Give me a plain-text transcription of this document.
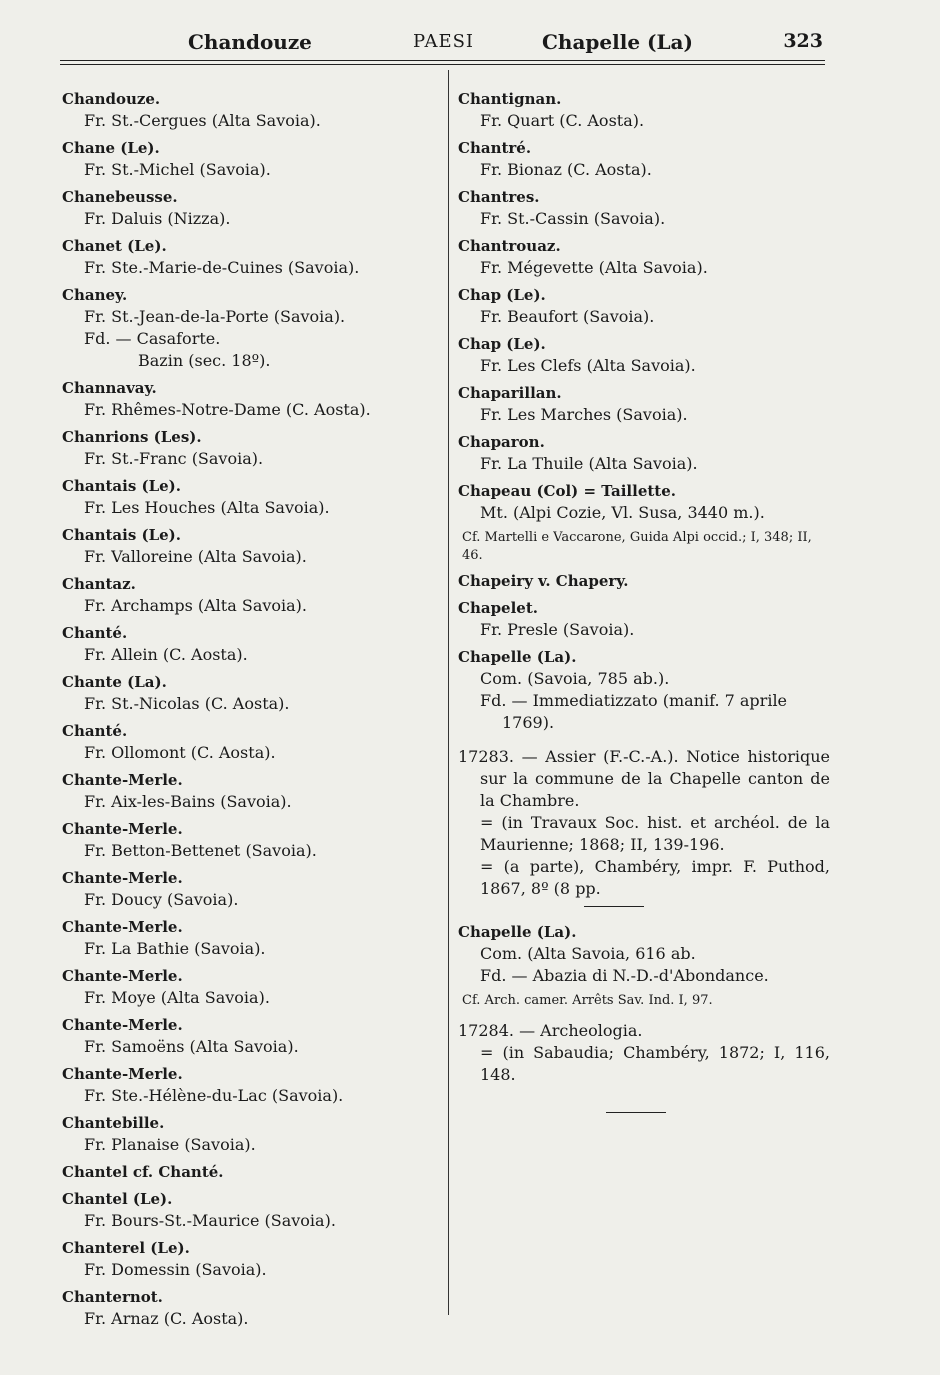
Chandouze	PAESI	Chapelle (La)	323
Chandouze.
Fr. St.-Cergues (Alta Savoia).
Chane (Le).
Fr. St.-Michel (Savoia).
Chanebeusse.
Fr. Daluis (Nizza).
Chanet (Le).
Fr. Ste.-Marie-de-Cuines (Savoia).
Chaney.
Fr. St.-Jean-de-la-Porte (Savoia).
Fd. — Casaforte.
Bazin (sec. 18º).
Channavay.
Fr. Rhêmes-Notre-Dame (C. Aosta).
Chanrions (Les).
Fr. St.-Franc (Savoia).
Chantais (Le).
Fr. Les Houches (Alta Savoia).
Chantais (Le).
Fr. Valloreine (Alta Savoia).
Chantaz.
Fr. Archamps (Alta Savoia).
Chanté.
Fr. Allein (C. Aosta).
Chante (La).
Fr. St.-Nicolas (C. Aosta).
Chanté.
Fr. Ollomont (C. Aosta).
Chante-Merle.
Fr. Aix-les-Bains (Savoia).
Chante-Merle.
Fr. Betton-Bettenet (Savoia).
Chante-Merle.
Fr. Doucy (Savoia).
Chante-Merle.
Fr. La Bathie (Savoia).
Chante-Merle.
Fr. Moye (Alta Savoia).
Chante-Merle.
Fr. Samoëns (Alta Savoia).
Chante-Merle.
Fr. Ste.-Hélène-du-Lac (Savoia).
Chantebille.
Fr. Planaise (Savoia).
Chantel cf. Chanté.
Chantel (Le).
Fr. Bours-St.-Maurice (Savoia).
Chanterel (Le).
Fr. Domessin (Savoia).
Chanternot.
Fr. Arnaz (C. Aosta).
Chantignan.
Fr. Quart (C. Aosta).
Chantré.
Fr. Bionaz (C. Aosta).
Chantres.
Fr. St.-Cassin (Savoia).
Chantrouaz.
Fr. Mégevette (Alta Savoia).
Chap (Le).
Fr. Beaufort (Savoia).
Chap (Le).
Fr. Les Clefs (Alta Savoia).
Chaparillan.
Fr. Les Marches (Savoia).
Chaparon.
Fr. La Thuile (Alta Savoia).
Chapeau (Col) = Taillette.
Mt. (Alpi Cozie, Vl. Susa, 3440 m.).
Cf. Martelli e Vaccarone, Guida Alpi occid.; I, 348; II, 46.
Chapeiry v. Chapery.
Chapelet.
Fr. Presle (Savoia).
Chapelle (La).
Com. (Savoia, 785 ab.).
Fd. — Immediatizzato (manif. 7 aprile 1769).
17283. — Assier (F.-C.-A.). Notice historique sur la commune de la Chapelle canton de la Chambre.
= (in Travaux Soc. hist. et archéol. de la Maurienne; 1868; II, 139-196.
= (a parte), Chambéry, impr. F. Puthod, 1867, 8º (8 pp.
Chapelle (La).
Com. (Alta Savoia, 616 ab.
Fd. — Abazia di N.-D.-d'Abondance.
Cf. Arch. camer. Arrêts Sav. Ind. I, 97.
17284. — Archeologia.
= (in Sabaudia; Chambéry, 1872; I, 116, 148.
